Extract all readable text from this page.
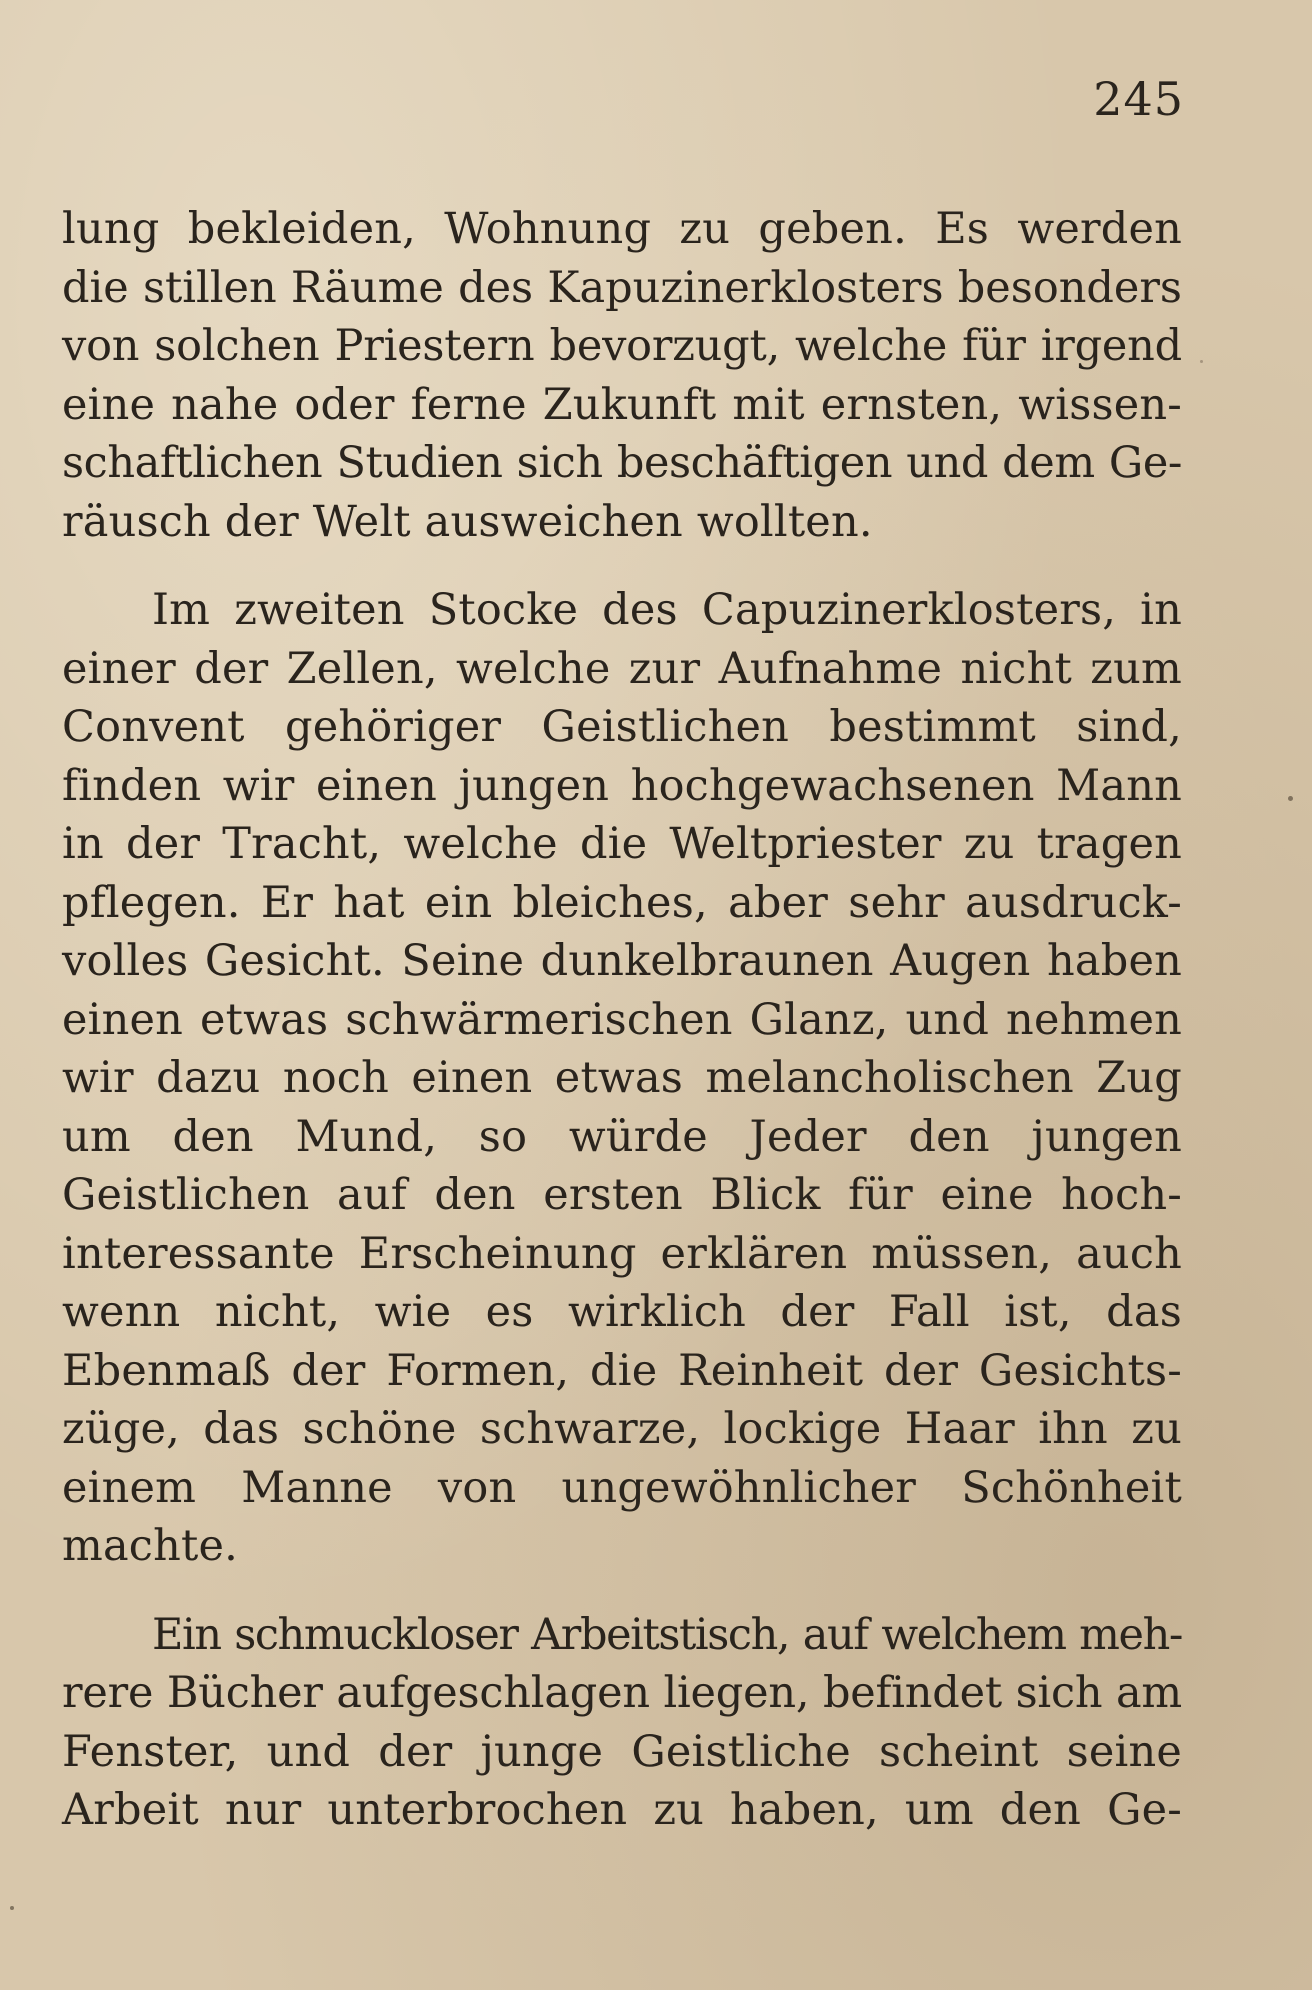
245
lung bekleiden, Wohnung zu geben. Es werden
die stillen Räume des Kapuzinerklosters besonders
von solchen Priestern bevorzugt, welche für irgend
eine nahe oder ferne Zukunft mit ernsten, wissen-
schaftlichen Studien sich beschäftigen und dem Ge-
räusch der Welt ausweichen wollten.
Im zweiten Stocke des Capuzinerklosters, in
einer der Zellen, welche zur Aufnahme nicht zum
Convent gehöriger Geistlichen bestimmt sind,
finden wir einen jungen hochgewachsenen Mann
in der Tracht, welche die Weltpriester zu tragen
pflegen. Er hat ein bleiches, aber sehr ausdruck-
volles Gesicht. Seine dunkelbraunen Augen haben
einen etwas schwärmerischen Glanz, und nehmen
wir dazu noch einen etwas melancholischen Zug
um den Mund, so würde Jeder den jungen
Geistlichen auf den ersten Blick für eine hoch-
interessante Erscheinung erklären müssen, auch
wenn nicht, wie es wirklich der Fall ist, das
Ebenmaß der Formen, die Reinheit der Gesichts-
züge, das schöne schwarze, lockige Haar ihn zu
einem Manne von ungewöhnlicher Schönheit
machte.
Ein schmuckloser Arbeitstisch, auf welchem meh-
rere Bücher aufgeschlagen liegen, befindet sich am
Fenster, und der junge Geistliche scheint seine
Arbeit nur unterbrochen zu haben, um den Ge-
